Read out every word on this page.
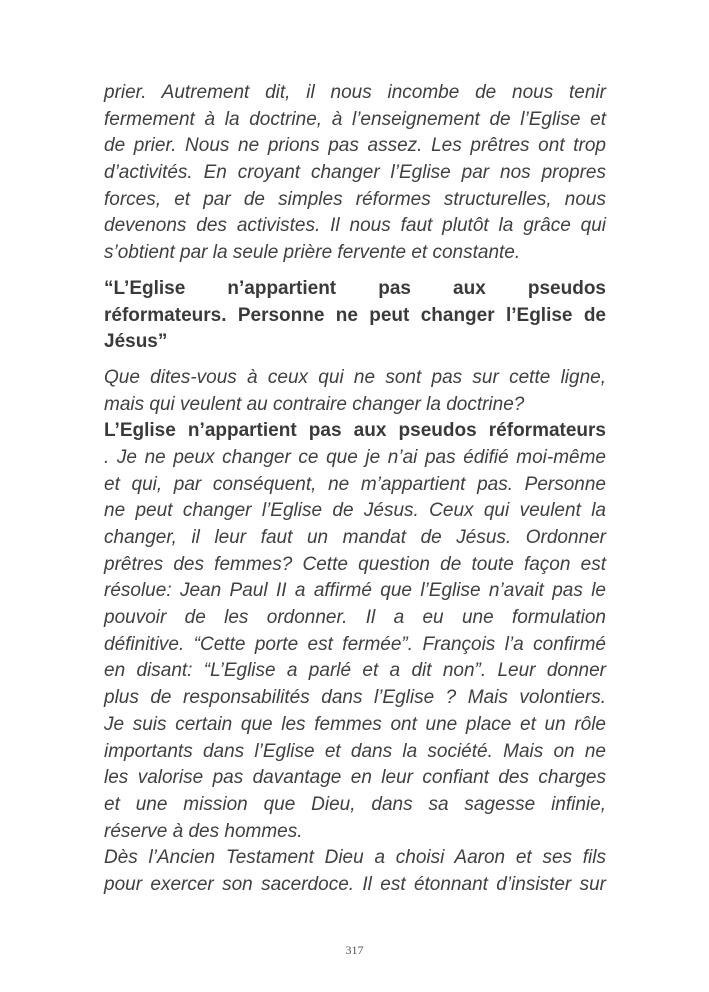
prier. Autrement dit, il nous incombe de nous tenir
fermement à la doctrine, à l’enseignement de l’Eglise et
de prier. Nous ne prions pas assez. Les prêtres ont trop
d’activités. En croyant changer l’Eglise par nos propres
forces, et par de simples réformes structurelles, nous
devenons des activistes. Il nous faut plutôt la grâce qui
s’obtient par la seule prière fervente et constante.
“L’Eglise n’appartient pas aux pseudos
réformateurs. Personne ne peut changer l’Eglise de
Jésus”
Que dites-vous à ceux qui ne sont pas sur cette ligne,
mais qui veulent au contraire changer la doctrine?
L’Eglise n’appartient pas aux pseudos réformateurs
. Je ne peux changer ce que je n’ai pas édifié moi-même
et qui, par conséquent, ne m’appartient pas. Personne
ne peut changer l’Eglise de Jésus. Ceux qui veulent la
changer, il leur faut un mandat de Jésus. Ordonner
prêtres des femmes? Cette question de toute façon est
résolue: Jean Paul II a affirmé que l’Eglise n’avait pas le
pouvoir de les ordonner. Il a eu une formulation
définitive. “Cette porte est fermée”. François l’a confirmé
en disant: “L’Eglise a parlé et a dit non”. Leur donner
plus de responsabilités dans l’Eglise ? Mais volontiers.
Je suis certain que les femmes ont une place et un rôle
importants dans l’Eglise et dans la société. Mais on ne
les valorise pas davantage en leur confiant des charges
et une mission que Dieu, dans sa sagesse infinie,
réserve à des hommes.
Dès l’Ancien Testament Dieu a choisi Aaron et ses fils
pour exercer son sacerdoce. Il est étonnant d’insister sur
317
